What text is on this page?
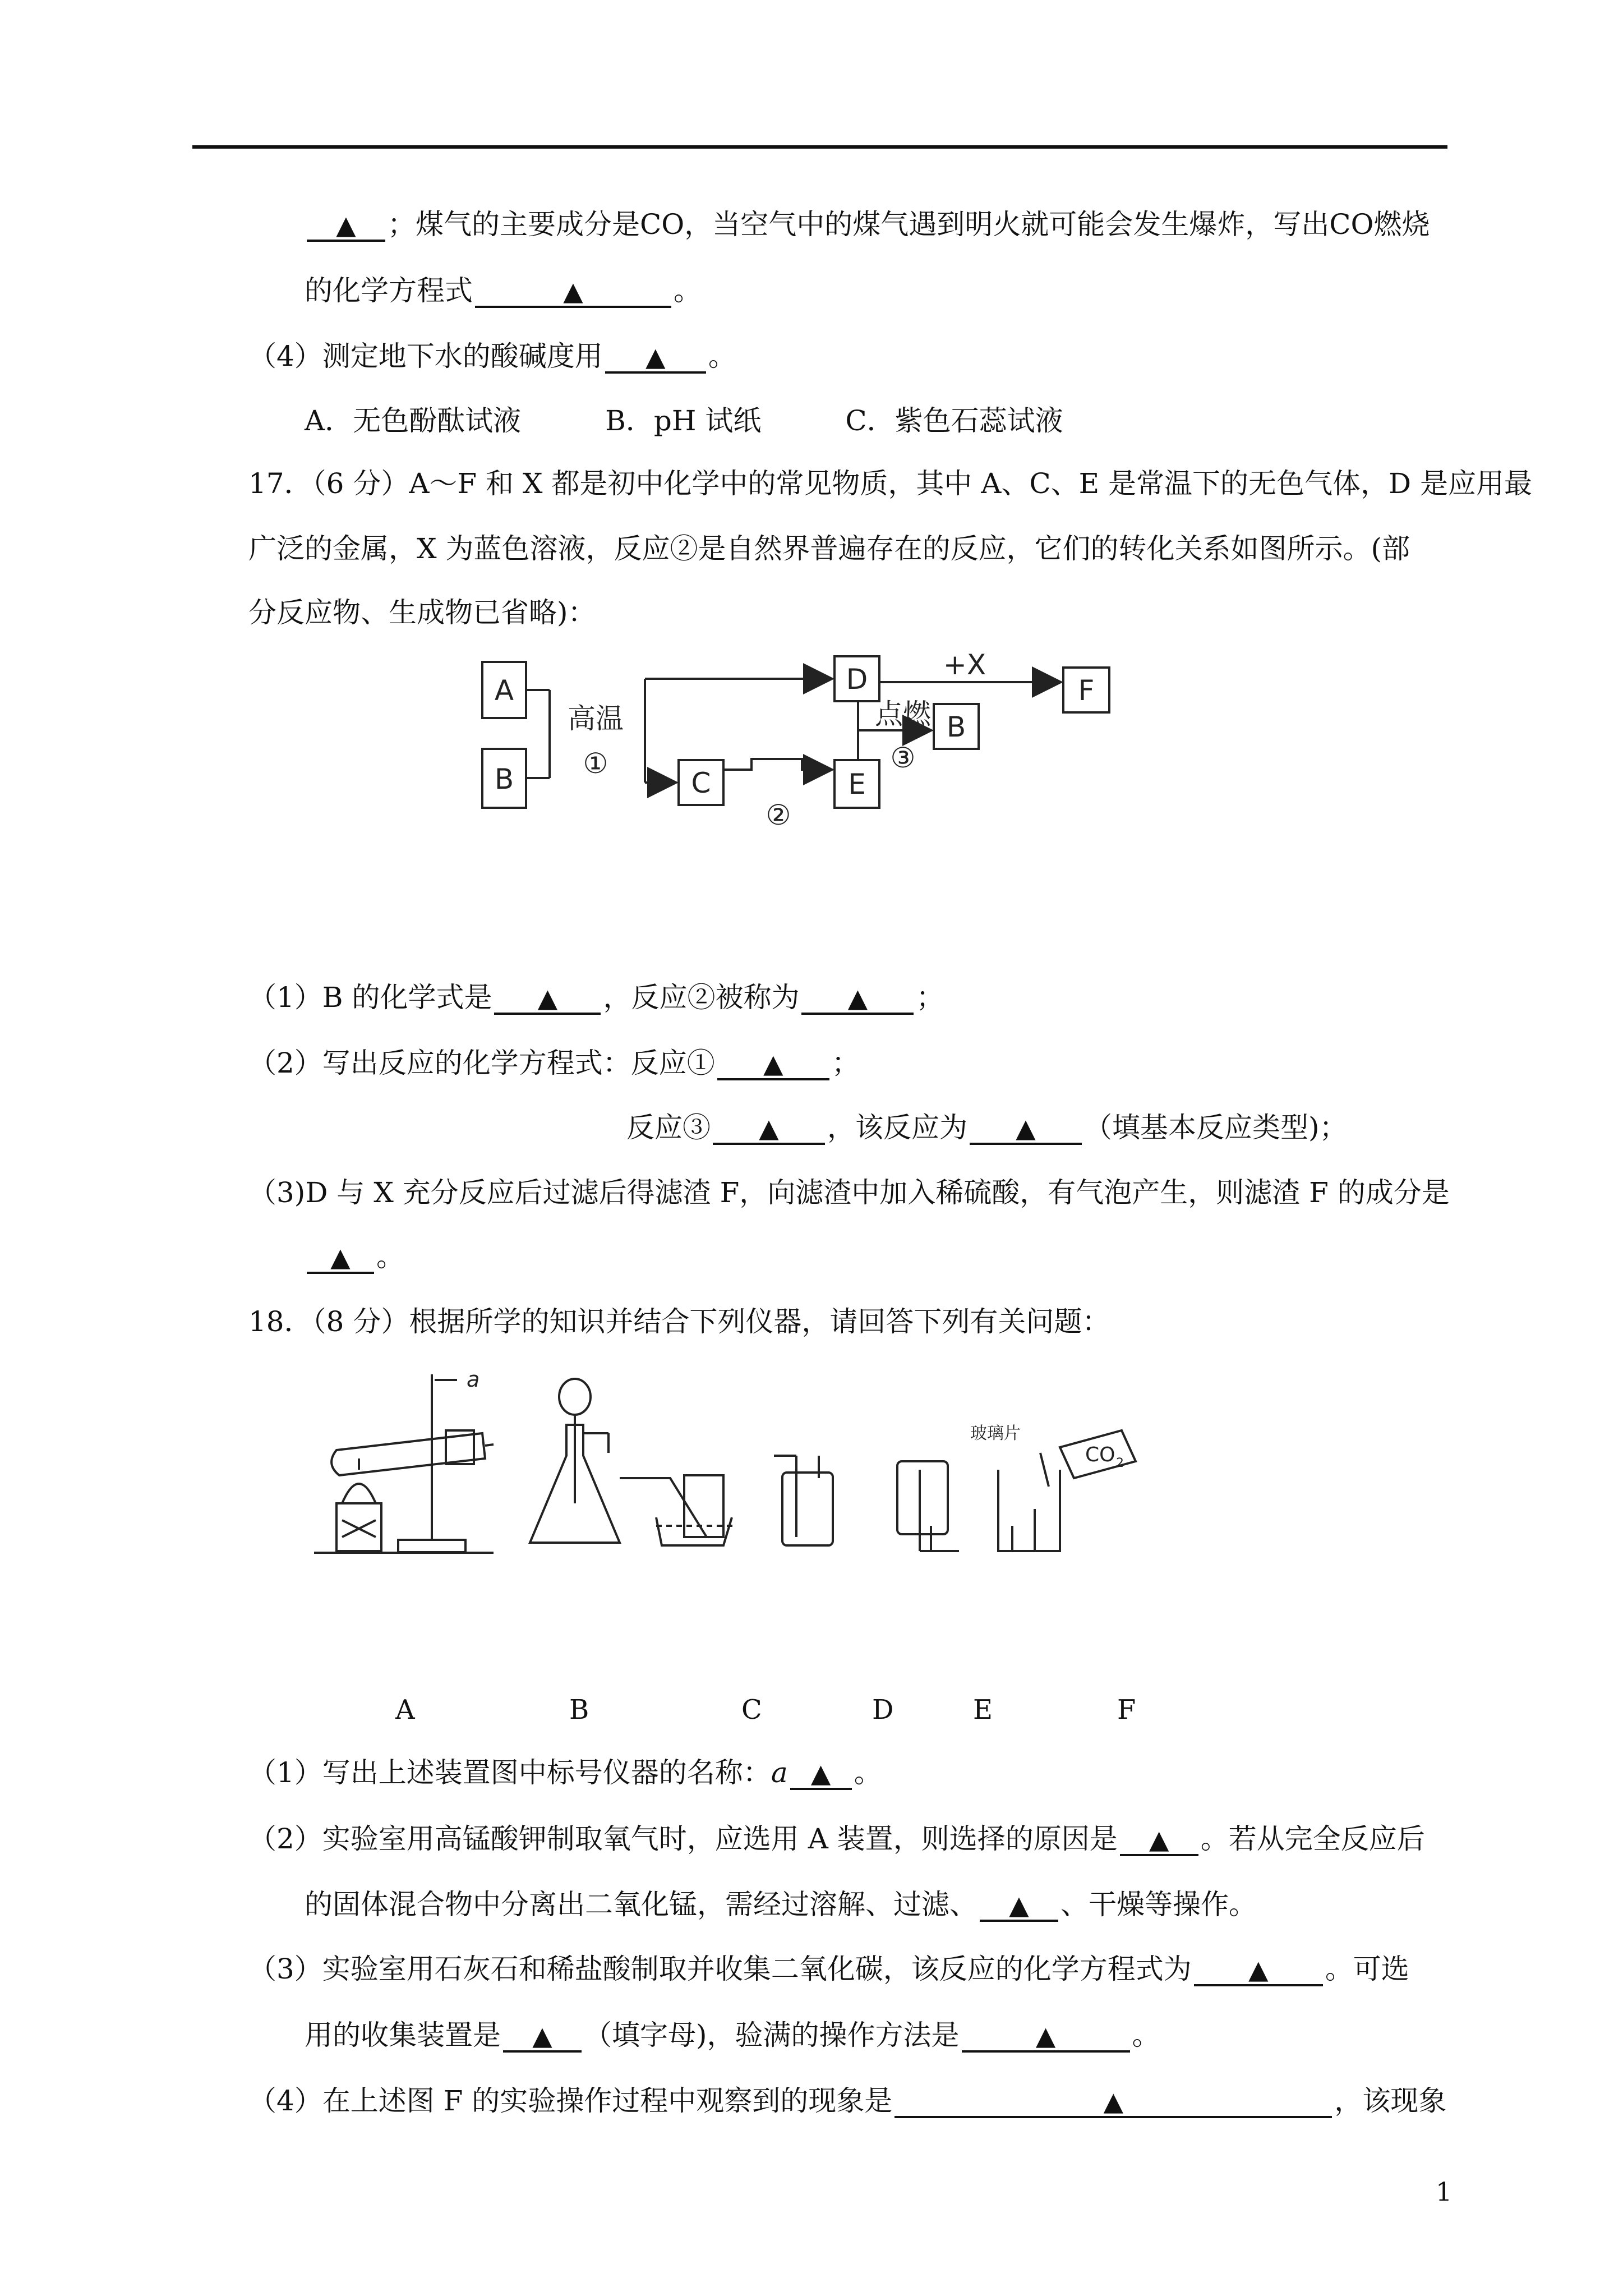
▲ ；煤气的主要成分是CO，当空气中的煤气遇到明火就可能会发生爆炸，写出CO燃烧
的化学方程式	▲	。
（4）测定地下水的酸碱度用 ▲ 。
A．无色酚酞试液　　　B．pH 试纸　　　C．紫色石蕊试液
17．（6 分）A～F 和 X 都是初中化学中的常见物质，其中 A、C、E 是常温下的无色气体，D 是应用最
广泛的金属，X 为蓝色溶液，反应②是自然界普遍存在的反应，它们的转化关系如图所示。(部
分反应物、生成物已省略)：
A
B	C
D
E
F
B
高温
①
②
+X
点燃
③
（1）B 的化学式是 ▲ ，反应②被称为 ▲ ；
（2）写出反应的化学方程式：反应① ▲ ；
反应③ ▲ ，该反应为 ▲ （填基本反应类型)；
（3)D 与 X 充分反应后过滤后得滤渣 F，向滤渣中加入稀硫酸，有气泡产生，则滤渣 F 的成分是
▲ 。
18．（8 分）根据所学的知识并结合下列仪器，请回答下列有关问题：
a
玻璃片
CO 2
A	B	C	D	E	F
（1）写出上述装置图中标号仪器的名称：a ▲ 。
（2）实验室用高锰酸钾制取氧气时，应选用 A 装置，则选择的原因是 ▲ 。若从完全反应后
的固体混合物中分离出二氧化锰，需经过溶解、过滤、 ▲ 、干燥等操作。
（3）实验室用石灰石和稀盐酸制取并收集二氧化碳，该反应的化学方程式为 ▲ 。可选
用的收集装置是 ▲ （填字母)，验满的操作方法是	▲	。
（4）在上述图 F 的实验操作过程中观察到的现象是	▲	，该现象
1
